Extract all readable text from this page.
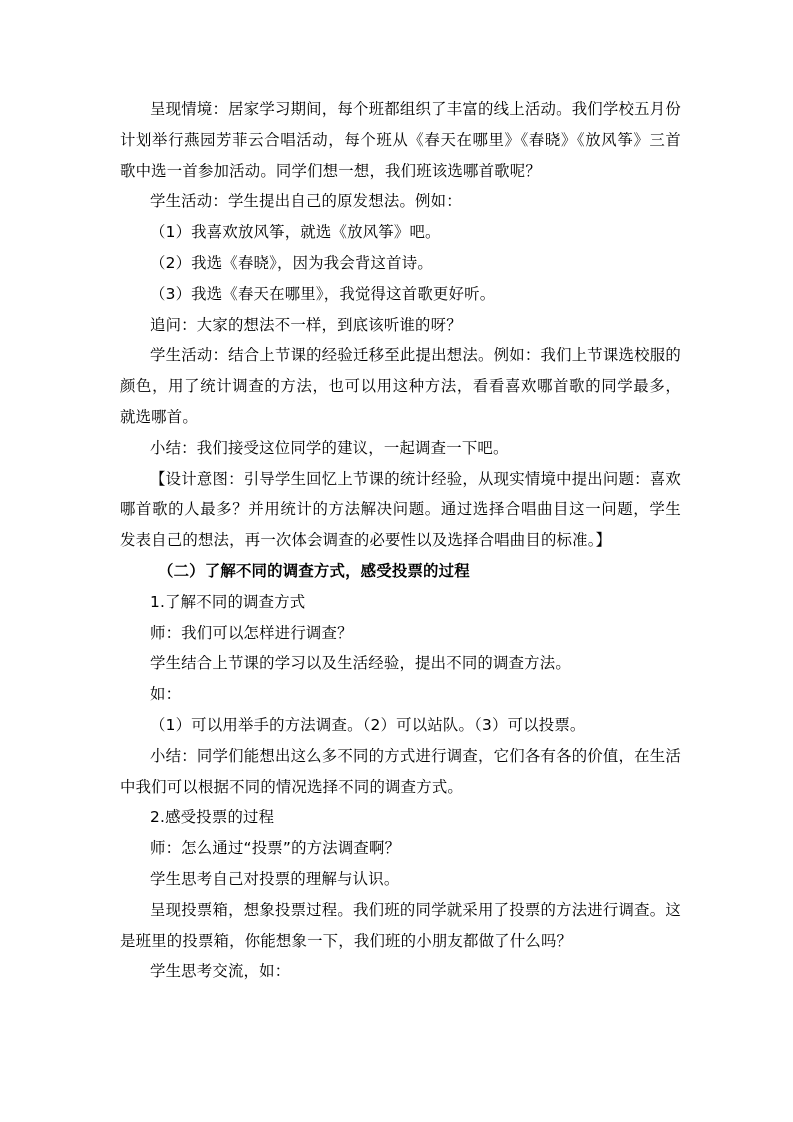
呈现情境：居家学习期间，每个班都组织了丰富的线上活动。我们学校五月份计划举行燕园芳菲云合唱活动，每个班从《春天在哪里》《春晓》《放风筝》三首歌中选一首参加活动。同学们想一想，我们班该选哪首歌呢？

学生活动：学生提出自己的原发想法。例如：

（1）我喜欢放风筝，就选《放风筝》吧。

（2）我选《春晓》，因为我会背这首诗。

（3）我选《春天在哪里》，我觉得这首歌更好听。

追问：大家的想法不一样，到底该听谁的呀？

学生活动：结合上节课的经验迁移至此提出想法。例如：我们上节课选校服的颜色，用了统计调查的方法，也可以用这种方法，看看喜欢哪首歌的同学最多，就选哪首。

小结：我们接受这位同学的建议，一起调查一下吧。

【设计意图：引导学生回忆上节课的统计经验，从现实情境中提出问题：喜欢哪首歌的人最多？并用统计的方法解决问题。通过选择合唱曲目这一问题，学生发表自己的想法，再一次体会调查的必要性以及选择合唱曲目的标准。】

（二）了解不同的调查方式，感受投票的过程

1.了解不同的调查方式

师：我们可以怎样进行调查？

学生结合上节课的学习以及生活经验，提出不同的调查方法。

如：

（1）可以用举手的方法调查。（2）可以站队。（3）可以投票。

小结：同学们能想出这么多不同的方式进行调查，它们各有各的价值，在生活中我们可以根据不同的情况选择不同的调查方式。

2.感受投票的过程

师：怎么通过“投票”的方法调查啊？

学生思考自己对投票的理解与认识。

呈现投票箱，想象投票过程。我们班的同学就采用了投票的方法进行调查。这是班里的投票箱，你能想象一下，我们班的小朋友都做了什么吗？

学生思考交流，如：
